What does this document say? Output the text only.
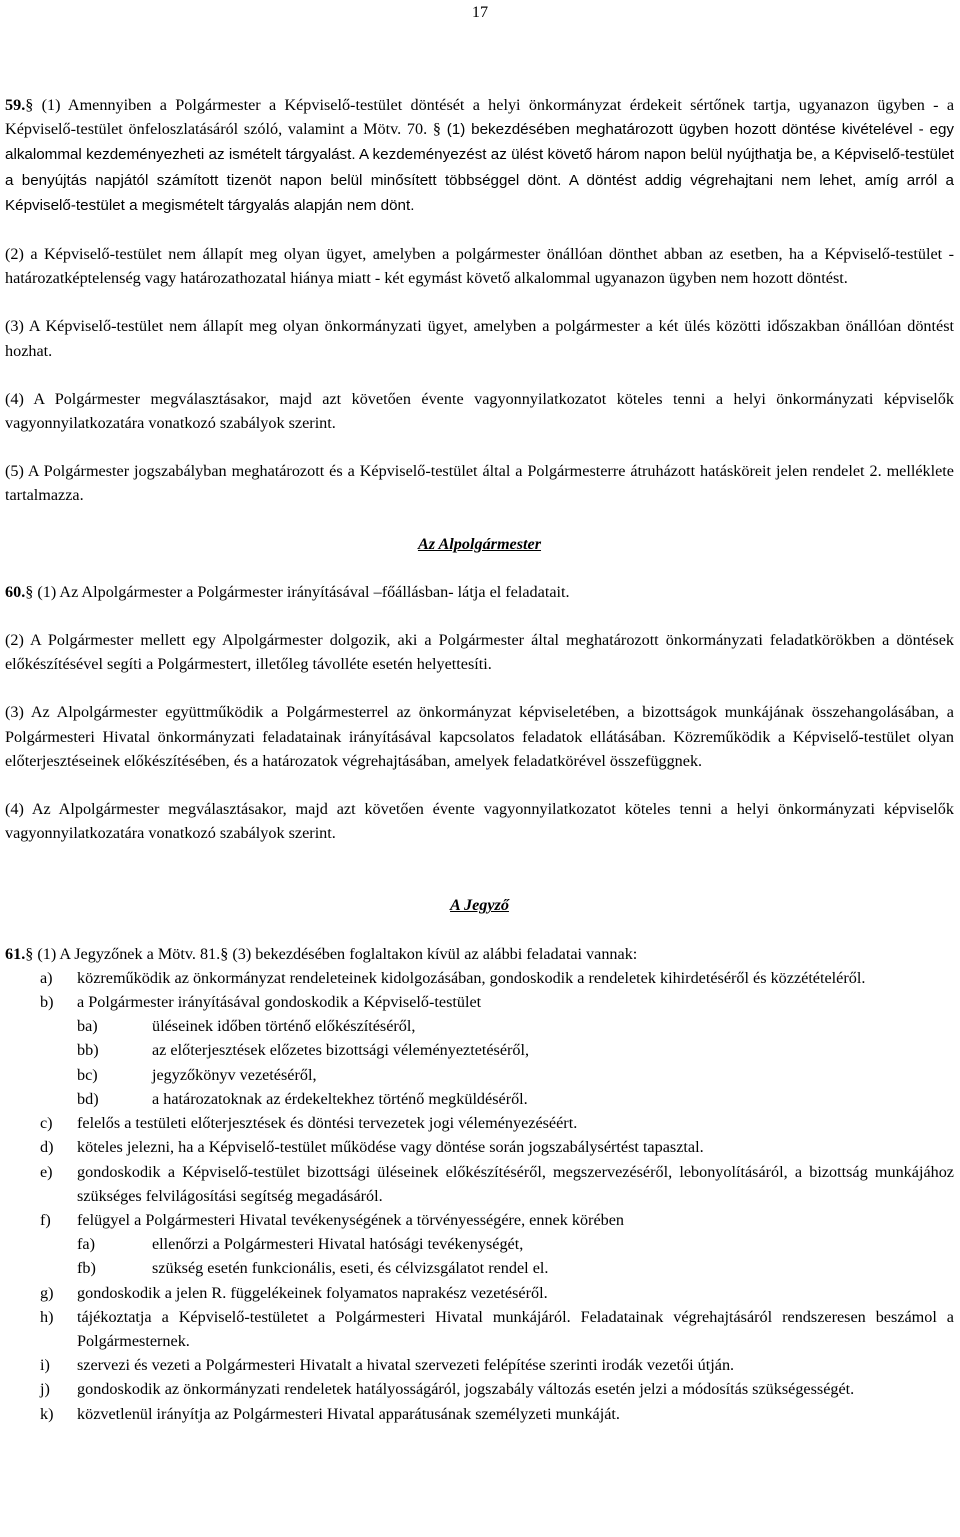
17

59.§ (1) Amennyiben a Polgármester a Képviselő-testület döntését a helyi önkormányzat érdekeit sértőnek tartja, ugyanazon ügyben - a Képviselő-testület önfeloszlatásáról szóló, valamint a Mötv. 70. § (1) bekezdésében meghatározott ügyben hozott döntése kivételével - egy alkalommal kezdeményezheti az ismételt tárgyalást. A kezdeményezést az ülést követő három napon belül nyújthatja be, a Képviselő-testület a benyújtás napjától számított tizenöt napon belül minősített többséggel dönt. A döntést addig végrehajtani nem lehet, amíg arról a Képviselő-testület a megismételt tárgyalás alapján nem dönt.

(2) a Képviselő-testület nem állapít meg olyan ügyet, amelyben a polgármester önállóan dönthet abban az esetben, ha a Képviselő-testület - határozatképtelenség vagy határozathozatal hiánya miatt - két egymást követő alkalommal ugyanazon ügyben nem hozott döntést.

(3) A Képviselő-testület nem állapít meg olyan önkormányzati ügyet, amelyben a polgármester a két ülés közötti időszakban önállóan döntést hozhat.

(4) A Polgármester megválasztásakor, majd azt követően évente vagyonnyilatkozatot köteles tenni a helyi önkormányzati képviselők vagyonnyilatkozatára vonatkozó szabályok szerint.

(5) A Polgármester jogszabályban meghatározott és a Képviselő-testület által a Polgármesterre átruházott hatásköreit jelen rendelet 2. melléklete tartalmazza.

Az Alpolgármester

60.§ (1) Az Alpolgármester a Polgármester irányításával –főállásban- látja el feladatait.

(2) A Polgármester mellett egy Alpolgármester dolgozik, aki a Polgármester által meghatározott önkormányzati feladatkörökben a döntések előkészítésével segíti a Polgármestert, illetőleg távolléte esetén helyettesíti.

(3) Az Alpolgármester együttműködik a Polgármesterrel az önkormányzat képviseletében, a bizottságok munkájának összehangolásában, a Polgármesteri Hivatal önkormányzati feladatainak irányításával kapcsolatos feladatok ellátásában. Közreműködik a Képviselő-testület olyan előterjesztéseinek előkészítésében, és a határozatok végrehajtásában, amelyek feladatkörével összefüggnek.

(4) Az Alpolgármester megválasztásakor, majd azt követően évente vagyonnyilatkozatot köteles tenni a helyi önkormányzati képviselők vagyonnyilatkozatára vonatkozó szabályok szerint.

A Jegyző

61.§ (1) A Jegyzőnek a Mötv. 81.§ (3) bekezdésében foglaltakon kívül az alábbi feladatai vannak:

a)	közreműködik az önkormányzat rendeleteinek kidolgozásában, gondoskodik a rendeletek kihirdetéséről és közzétételéről.
b)	a Polgármester irányításával gondoskodik a Képviselő-testület
ba)	üléseinek időben történő előkészítéséről,
bb)	az előterjesztések előzetes bizottsági véleményeztetéséről,
bc)	jegyzőkönyv vezetéséről,
bd)	a határozatoknak az érdekeltekhez történő megküldéséről.
c)	felelős a testületi előterjesztések és döntési tervezetek jogi véleményezéséért.
d)	köteles jelezni, ha a Képviselő-testület működése vagy döntése során jogszabálysértést tapasztal.
e)	gondoskodik a Képviselő-testület bizottsági üléseinek előkészítéséről, megszervezéséről, lebonyolításáról, a bizottság munkájához szükséges felvilágosítási segítség megadásáról.
f)	felügyel a Polgármesteri Hivatal tevékenységének a törvényességére, ennek körében
fa)	ellenőrzi a Polgármesteri Hivatal hatósági tevékenységét,
fb)	szükség esetén funkcionális, eseti, és célvizsgálatot rendel el.
g)	gondoskodik a jelen R. függelékeinek folyamatos naprakész vezetéséről.
h)	tájékoztatja a Képviselő-testületet a Polgármesteri Hivatal munkájáról. Feladatainak végrehajtásáról rendszeresen beszámol a Polgármesternek.
i)	szervezi és vezeti a Polgármesteri Hivatalt a hivatal szervezeti felépítése szerinti irodák vezetői útján.
j)	gondoskodik az önkormányzati rendeletek hatályosságáról, jogszabály változás esetén jelzi a módosítás szükségességét.
k)	közvetlenül irányítja az Polgármesteri Hivatal apparátusának személyzeti munkáját.
